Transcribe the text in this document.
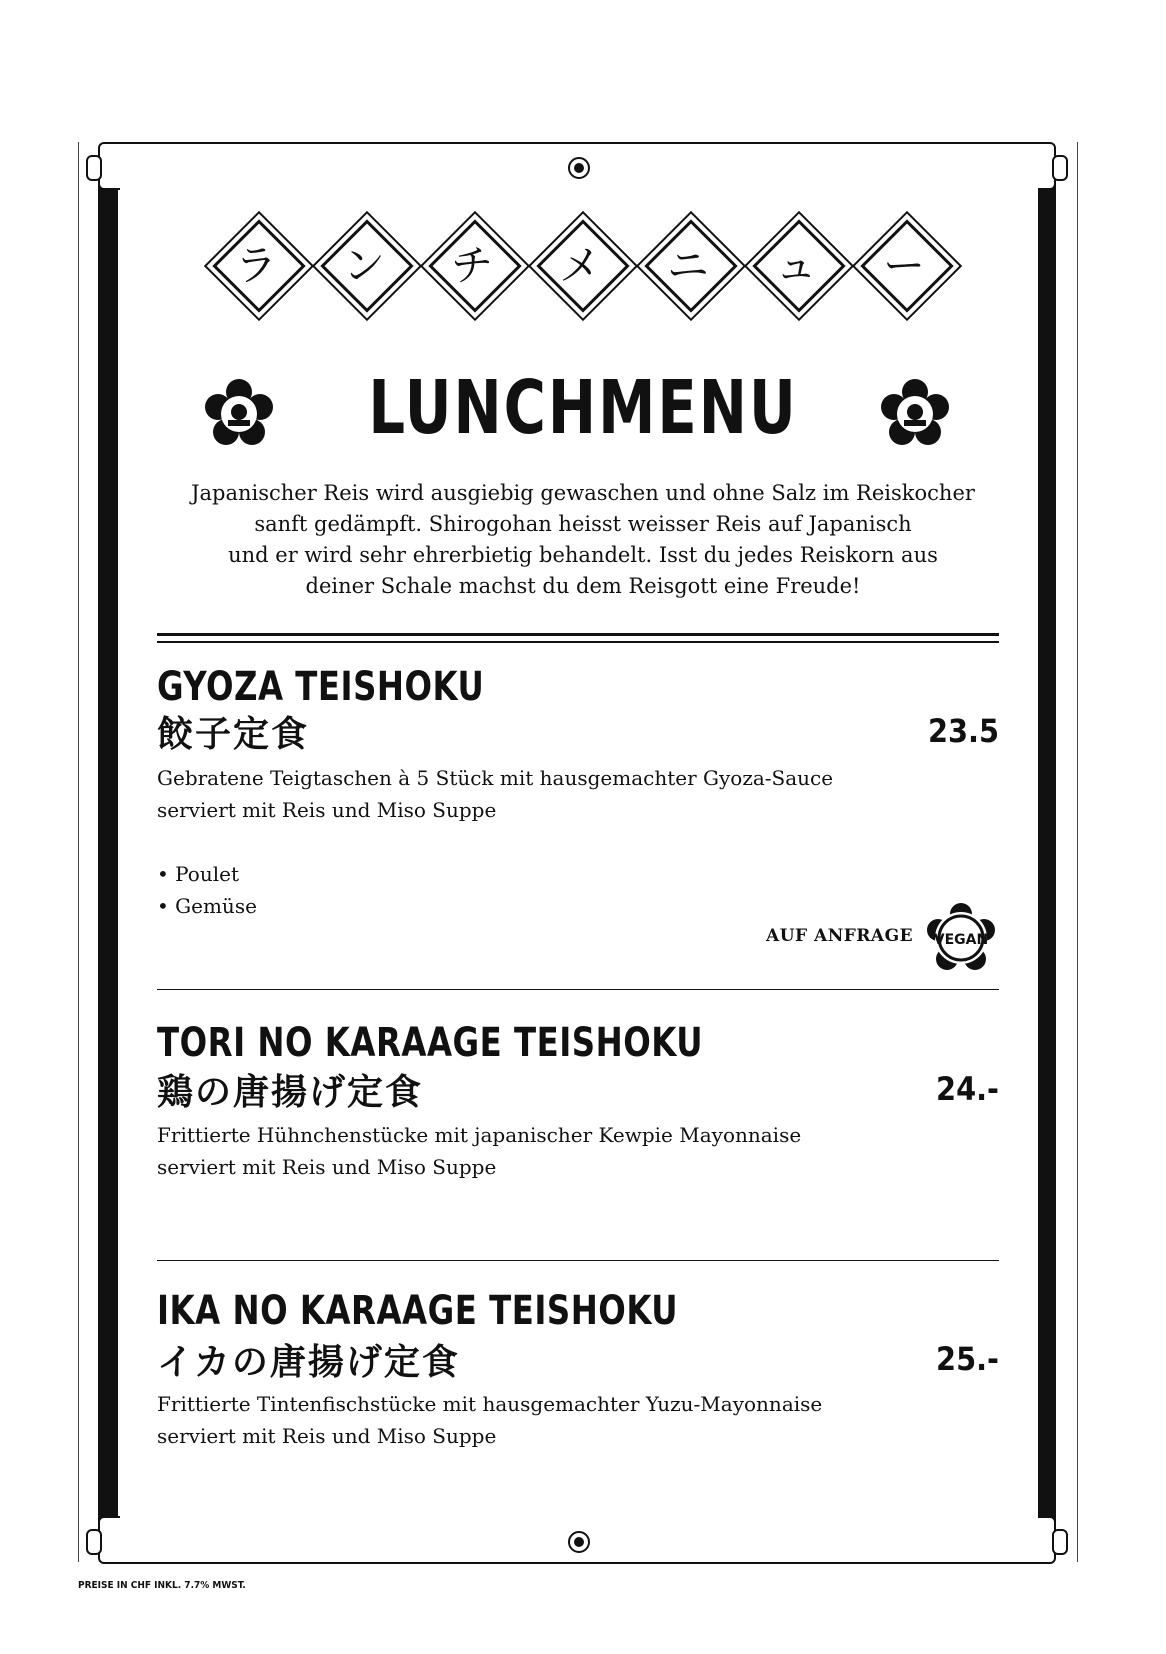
ラ	ン	チ	メ	ニ	ュ	ー
LUNCHMENU
Japanischer Reis wird ausgiebig gewaschen und ohne Salz im Reiskocher
sanft gedämpft. Shirogohan heisst weisser Reis auf Japanisch
und er wird sehr ehrerbietig behandelt. Isst du jedes Reiskorn aus
deiner Schale machst du dem Reisgott eine Freude!
GYOZA TEISHOKU
餃子定食	23.5
Gebratene Teigtaschen à 5 Stück mit hausgemachter Gyoza-Sauce
serviert mit Reis und Miso Suppe
• Poulet
• Gemüse
AUF ANFRAGE VEGAN
TORI NO KARAAGE TEISHOKU
鶏の唐揚げ定食	24.-
Frittierte Hühnchenstücke mit japanischer Kewpie Mayonnaise
serviert mit Reis und Miso Suppe
IKA NO KARAAGE TEISHOKU
イカの唐揚げ定食	25.-
Frittierte Tintenfischstücke mit hausgemachter Yuzu-Mayonnaise
serviert mit Reis und Miso Suppe
PREISE IN CHF INKL. 7.7% MWST.
